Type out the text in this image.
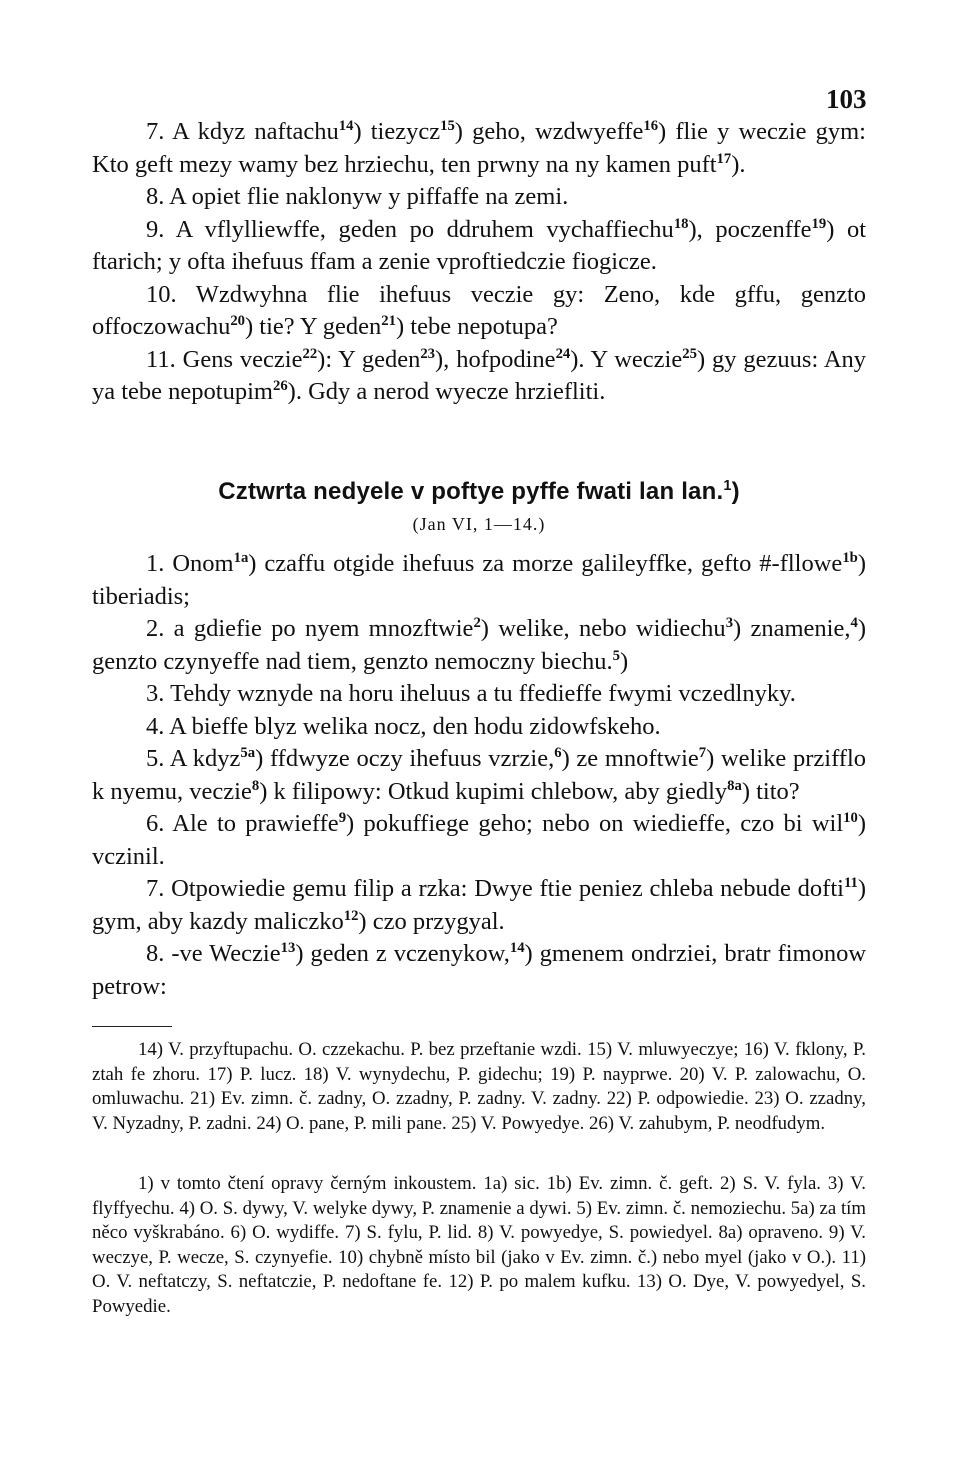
103
7. A kdyz naftachu$^{14}$) tiezycz$^{15}$) geho, wzdwyeffe$^{16}$) flie y weczie gym: Kto geft mezy wamy bez hrziechu, ten prwny na ny kamen puft$^{17}$).
8. A opiet flie naklonyw y piffaffe na zemi.
9. A vflylliewffe, geden po ddruhem vychaffiechu$^{18}$), poczenffe$^{19}$) ot ftarich; y ofta ihefuus ffam a zenie vproftiedczie fiogicze.
10. Wzdwyhna flie ihefuus veczie gy: Zeno, kde gffu, genzto offoczowachu$^{20}$) tie? Y geden$^{21}$) tebe nepotupa?
11. Gens veczie$^{22}$): Y geden$^{23}$), hofpodine$^{24}$). Y weczie$^{25}$) gy gezuus: Any ya tebe nepotupim$^{26}$). Gdy a nerod wyecze hrziefliti.
Cztwrta nedyele v poftye pyffe fwati lan lan.$^1$)
(Jan VI, 1—14.)
1. Onom$^{1a}$) czaffu otgide ihefuus za morze galileyffke, gefto #-fllowe$^{1b}$) tiberiadis;
2. a gdiefie po nyem mnozftwie$^2$) welike, nebo widiechu$^3$) znamenie,$^4$) genzto czynyeffe nad tiem, genzto nemoczny biechu.$^5$)
3. Tehdy wznyde na horu iheluus a tu ffedieffe fwymi vczedlnyky.
4. A bieffe blyz welika nocz, den hodu zidowfskeho.
5. A kdyz$^{5a}$) ffdwyze oczy ihefuus vzrzie,$^6$) ze mnoftwie$^7$) welike przifflo k nyemu, veczie$^8$) k filipowy: Otkud kupimi chlebow, aby giedly$^{8a}$) tito?
6. Ale to prawieffe$^9$) pokuffiege geho; nebo on wiedieffe, czo bi wil$^{10}$) vczinil.
7. Otpowiedie gemu filip a rzka: Dwye ftie peniez chleba nebude dofti$^{11}$) gym, aby kazdy maliczko$^{12}$) czo przygyal.
8. -ve Weczie$^{13}$) geden z vczenykow,$^{14}$) gmenem ondrziei, bratr fimonow petrow:

14) V. przyftupachu. O. czzekachu. P. bez przeftanie wzdi. 15) V. mluwyeczye; 16) V. fklony, P. ztah fe zhoru. 17) P. lucz. 18) V. wynydechu, P. gidechu; 19) P. nayprwe. 20) V. P. zalowachu, O. omluwachu. 21) Ev. zimn. č. zadny, O. zzadny, P. zadny. V. zadny. 22) P. odpowiedie. 23) O. zzadny, V. Nyzadny, P. zadni. 24) O. pane, P. mili pane. 25) V. Powyedye. 26) V. zahubym, P. neodfudym.

1) v tomto čtení opravy černým inkoustem. 1a) sic. 1b) Ev. zimn. č. geft. 2) S. V. fyla. 3) V. flyffyechu. 4) O. S. dywy, V. welyke dywy, P. znamenie a dywi. 5) Ev. zimn. č. nemoziechu. 5a) za tím něco vyškrabáno. 6) O. wydiffe. 7) S. fylu, P. lid. 8) V. powyedye, S. powiedyel. 8a) opraveno. 9) V. weczye, P. wecze, S. czynyefie. 10) chybně místo bil (jako v Ev. zimn. č.) nebo myel (jako v O.). 11) O. V. neftatczy, S. neftatczie, P. nedoftane fe. 12) P. po malem kufku. 13) O. Dye, V. powyedyel, S. Powyedie.
